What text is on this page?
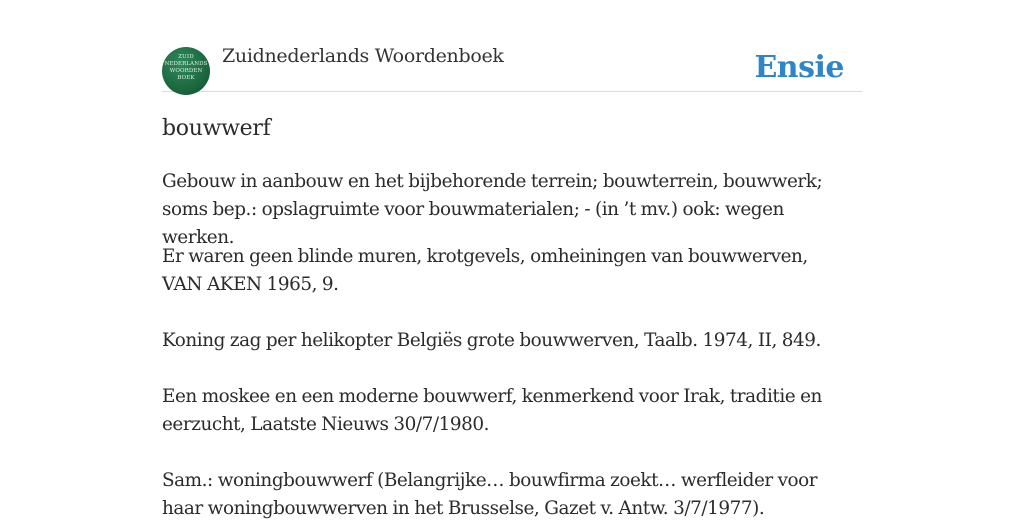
ZUID
NEDERLANDS
WOORDEN
BOEK
Zuidnederlands Woordenboek	Ensie
bouwwerf
Gebouw in aanbouw en het bijbehorende terrein; bouwterrein, bouwwerk; soms bep.: opslagruimte voor bouwmaterialen; - (in ’t mv.) ook: wegen werken.
Er waren geen blinde muren, krotgevels, omheiningen van bouwwerven, VAN AKEN 1965, 9.
Koning zag per helikopter Belgiës grote bouwwerven, Taalb. 1974, II, 849.
Een moskee en een moderne bouwwerf, kenmerkend voor Irak, traditie en eerzucht, Laatste Nieuws 30/7/1980.
Sam.: woningbouwwerf (Belangrijke… bouwfirma zoekt… werfleider voor haar woningbouwwerven in het Brusselse, Gazet v. Antw. 3/7/1977).
